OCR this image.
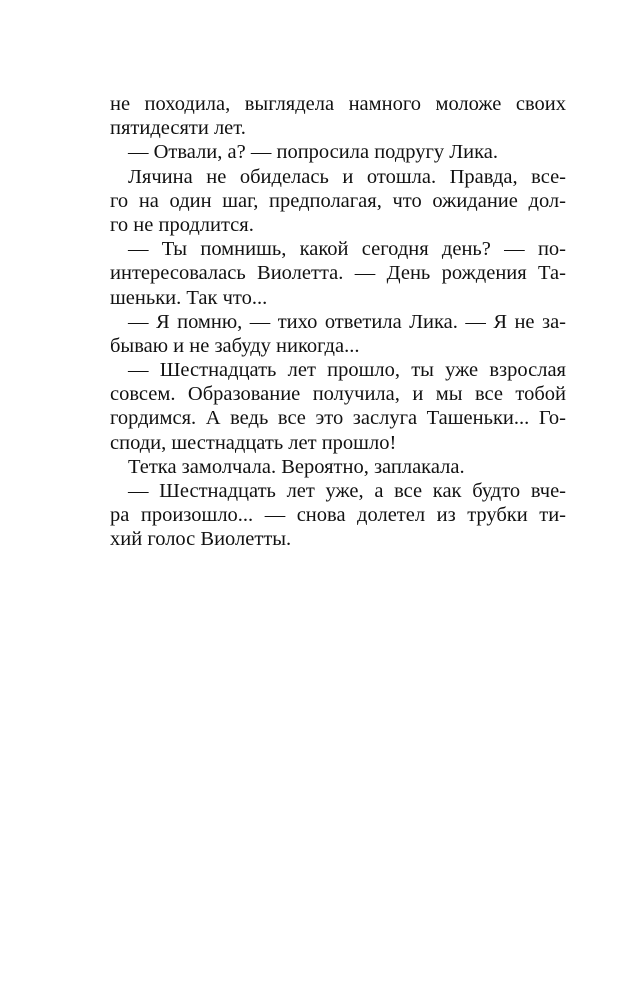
не походила, выглядела намного моложе своих
пятидесяти лет.
— Отвали, а? — попросила подругу Лика.
Лячина не обиделась и отошла. Правда, все-
го на один шаг, предполагая, что ожидание дол-
го не продлится.
— Ты помнишь, какой сегодня день? — по-
интересовалась Виолетта. — День рождения Та-
шеньки. Так что...
— Я помню, — тихо ответила Лика. — Я не за-
бываю и не забуду никогда...
— Шестнадцать лет прошло, ты уже взрослая
совсем. Образование получила, и мы все тобой
гордимся. А ведь все это заслуга Ташеньки... Го-
споди, шестнадцать лет прошло!
Тетка замолчала. Вероятно, заплакала.
— Шестнадцать лет уже, а все как будто вче-
ра произошло... — снова долетел из трубки ти-
хий голос Виолетты.
